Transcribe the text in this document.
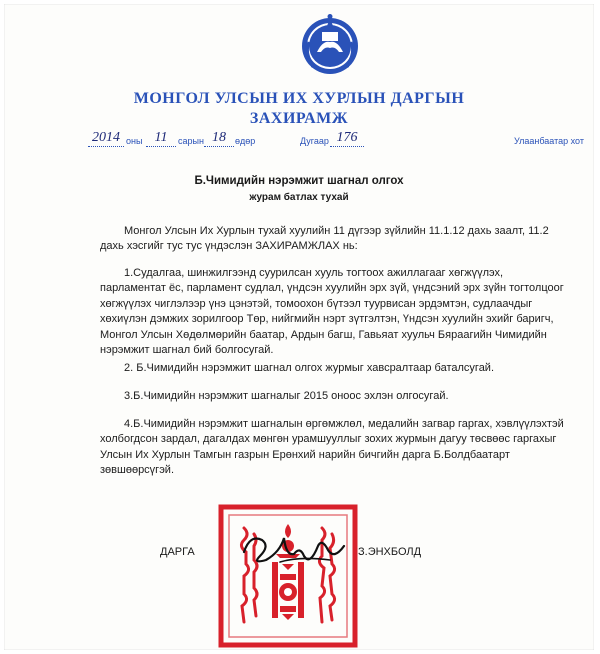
МОНГОЛ УЛСЫН ИХ ХУРЛЫН ДАРГЫН
ЗАХИРАМЖ
2014 оны 11	сарын 18	өдөр	Дугаар 176	Улаанбаатар хот
Б.Чимидийн нэрэмжит шагнал олгох
журам батлах тухай

Монгол Улсын Их Хурлын тухай хуулийн 11 дүгээр зүйлийн 11.1.12 дахь заалт, 11.2 дахь хэсгийг тус тус үндэслэн ЗАХИРАМЖЛАХ нь:

1.Судалгаа, шинжилгээнд суурилсан хууль тогтоох ажиллагааг хөгжүүлэх, парламентат ёс, парламент судлал, үндсэн хуулийн эрх зүй, үндсэний эрх зүйн тогтолцоог хөгжүүлэх чиглэлээр үнэ цэнэтэй, томоохон бүтээл туурвисан эрдэмтэн, судлаачдыг хөхиүлэн дэмжих зорилгоор Төр, нийгмийн нэрт зүтгэлтэн, Үндсэн хуулийн эхийг баригч, Монгол Улсын Хөдөлмөрийн баатар, Ардын багш, Гавьяат хуульч Бяраагийн Чимидийн нэрэмжит шагнал бий болгосугай.

2. Б.Чимидийн нэрэмжит шагнал олгох журмыг хавсралтаар баталсугай.

3.Б.Чимидийн нэрэмжит шагналыг 2015 оноос эхлэн олгосугай.

4.Б.Чимидийн нэрэмжит шагналын өргөмжлөл, медалийн загвар гаргах, хэвлүүлэхтэй холбогдсон зардал, дагалдах мөнгөн урамшууллыг зохих журмын дагуу төсвөөс гаргахыг Улсын Их Хурлын Тамгын газрын Ерөнхий нарийн бичгийн дарга Б.Болдбаатарт зөвшөөрсүгэй.

ДАРГА	З.ЭНХБОЛД
